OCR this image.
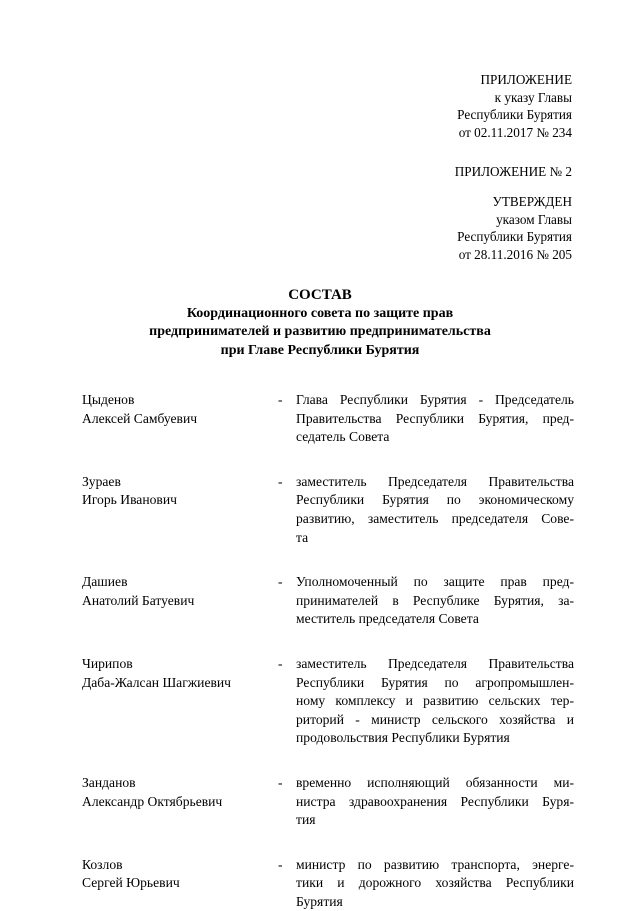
ПРИЛОЖЕНИЕ
к указу Главы
Республики Бурятия
от 02.11.2017 № 234
ПРИЛОЖЕНИЕ № 2
УТВЕРЖДЕН
указом Главы
Республики Бурятия
от 28.11.2016 № 205
СОСТАВ
Координационного совета по защите прав
предпринимателей и развитию предпринимательства
при Главе Республики Бурятия
Цыденов
Алексей Самбуевич
- Глава Республики Бурятия - Председатель
Правительства Республики Бурятия, пред-
седатель Совета
Зураев
Игорь Иванович
- заместитель Председателя Правительства
Республики Бурятия по экономическому
развитию, заместитель председателя Сове-
та
Дашиев
Анатолий Батуевич
- Уполномоченный по защите прав пред-
принимателей в Республике Бурятия, за-
меститель председателя Совета
Чирипов
Даба-Жалсан Шагжиевич
- заместитель Председателя Правительства
Республики Бурятия по агропромышлен-
ному комплексу и развитию сельских тер-
риторий - министр сельского хозяйства и
продовольствия Республики Бурятия
Занданов
Александр Октябрьевич
- временно исполняющий обязанности ми-
нистра здравоохранения Республики Буря-
тия
Козлов
Сергей Юрьевич
- министр по развитию транспорта, энерге-
тики и дорожного хозяйства Республики
Бурятия
